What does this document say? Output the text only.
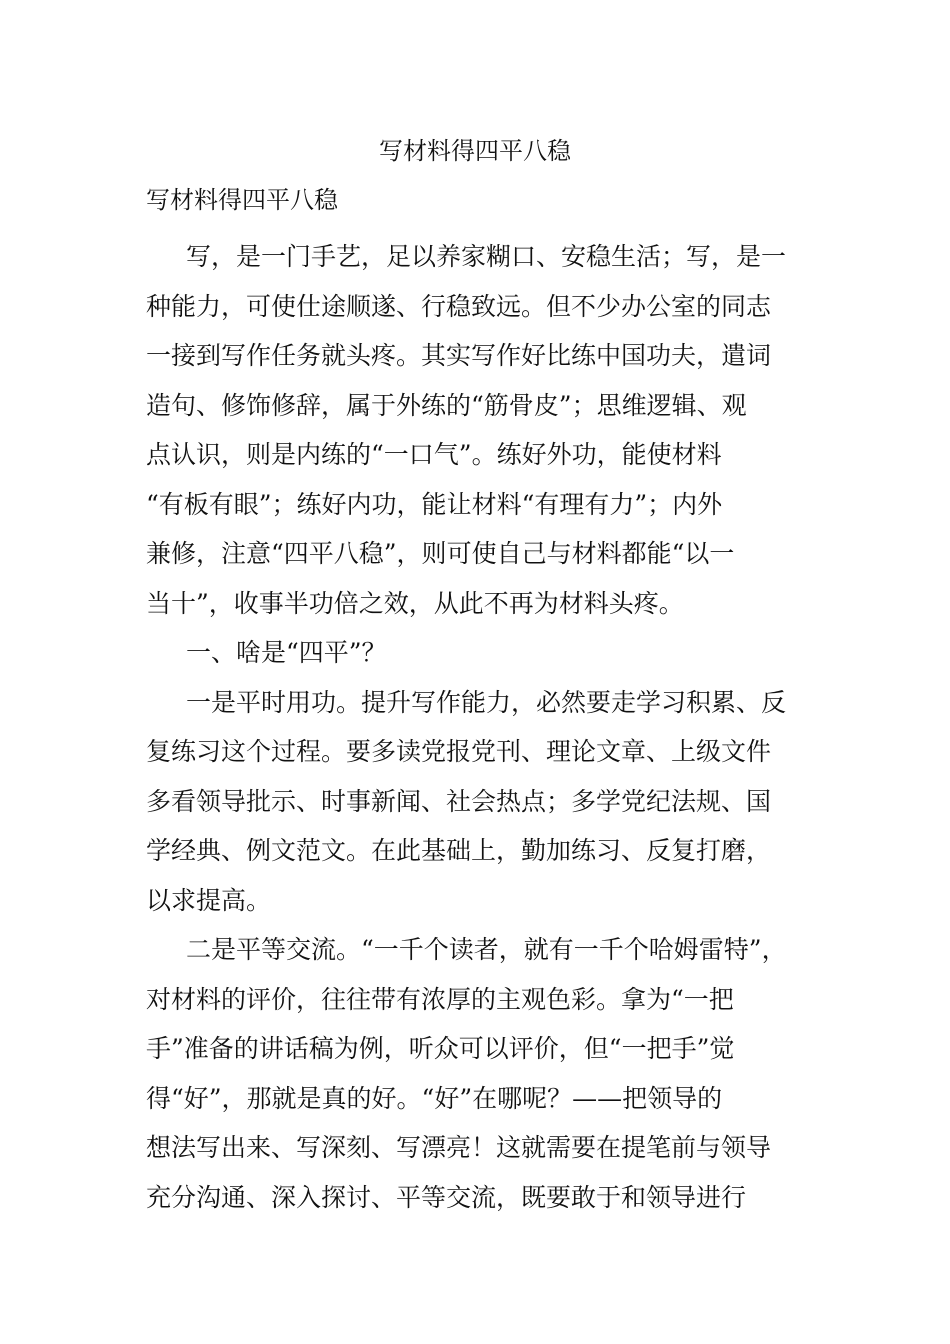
写材料得四平八稳
写材料得四平八稳
写，是一门手艺，足以养家糊口、安稳生活；写，是一
种能力，可使仕途顺遂、行稳致远。但不少办公室的同志
一接到写作任务就头疼。其实写作好比练中国功夫，遣词
造句、修饰修辞，属于外练的“筋骨皮”；思维逻辑、观
点认识，则是内练的“一口气”。练好外功，能使材料
“有板有眼”；练好内功，能让材料“有理有力”；内外
兼修，注意“四平八稳”，则可使自己与材料都能“以一
当十”，收事半功倍之效，从此不再为材料头疼。
一、啥是“四平”？
一是平时用功。提升写作能力，必然要走学习积累、反
复练习这个过程。要多读党报党刊、理论文章、上级文件
多看领导批示、时事新闻、社会热点；多学党纪法规、国
学经典、例文范文。在此基础上，勤加练习、反复打磨，
以求提高。
二是平等交流。“一千个读者，就有一千个哈姆雷特”，
对材料的评价，往往带有浓厚的主观色彩。拿为“一把
手”准备的讲话稿为例，听众可以评价，但“一把手”觉
得“好”，那就是真的好。“好”在哪呢？——把领导的
想法写出来、写深刻、写漂亮！这就需要在提笔前与领导
充分沟通、深入探讨、平等交流，既要敢于和领导进行
